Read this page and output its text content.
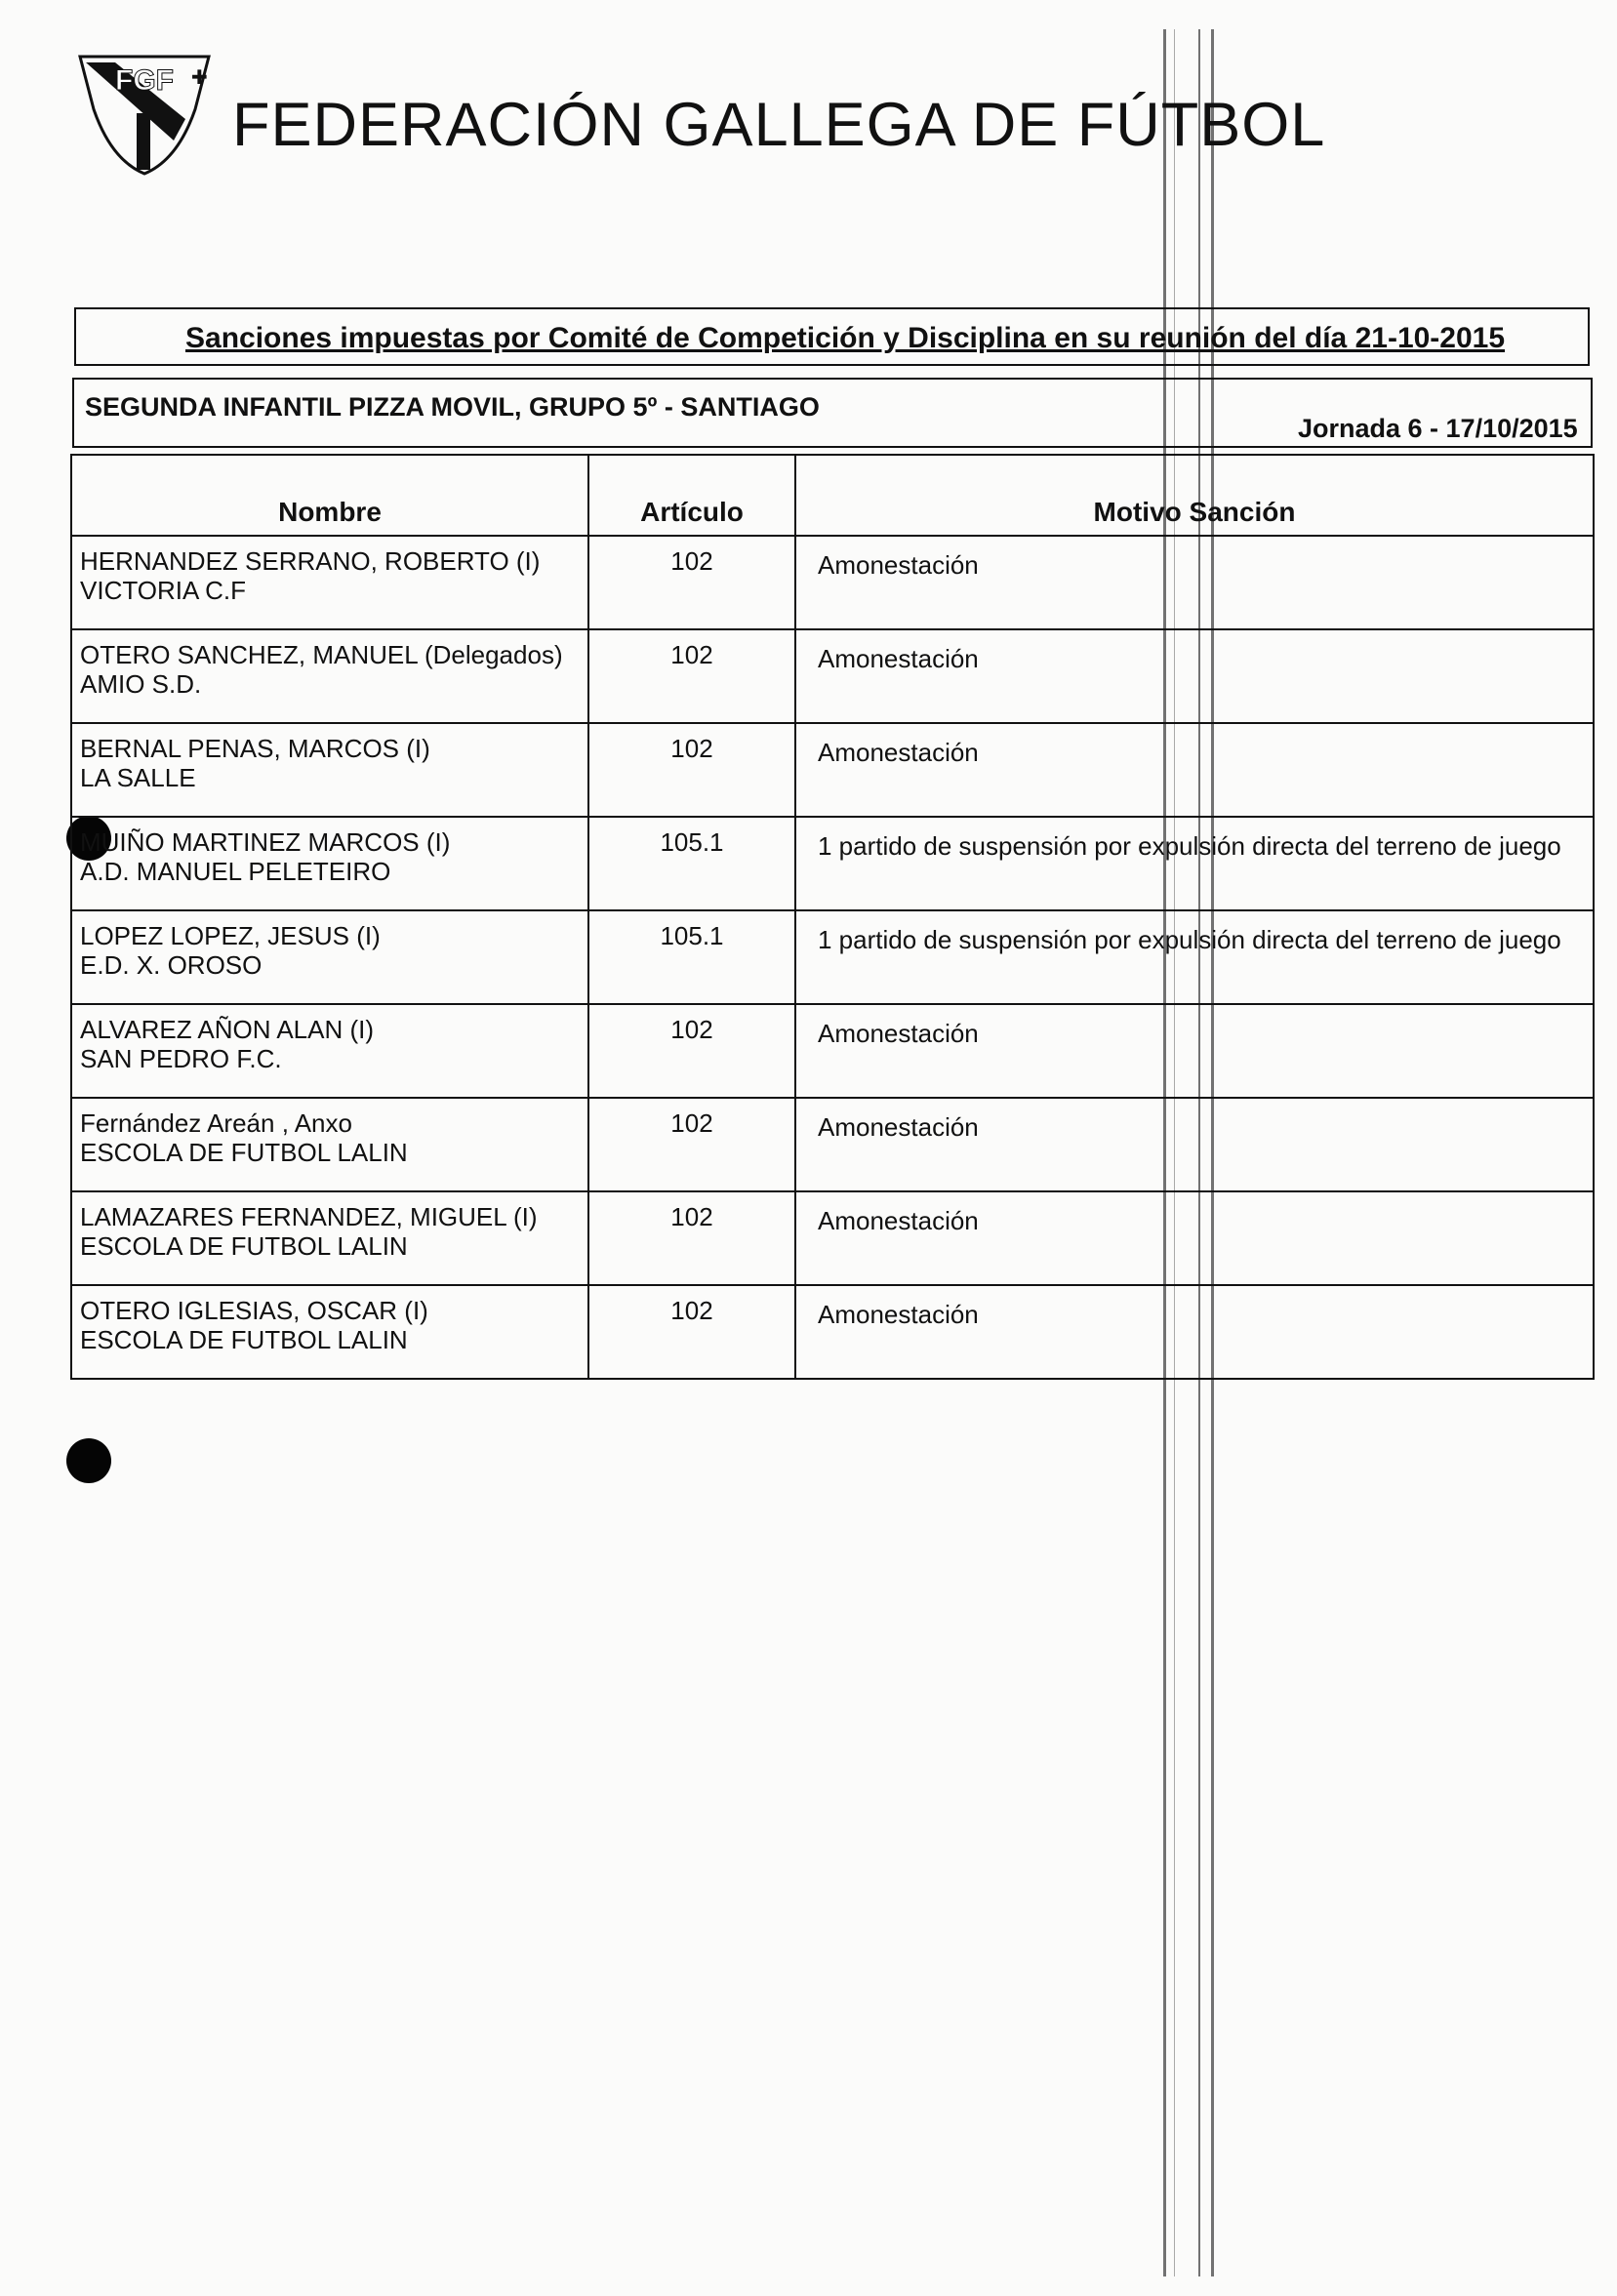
FGF ✚
FEDERACIÓN GALLEGA DE FÚTBOL
Sanciones impuestas por Comité de Competición y Disciplina en su reunión del día 21-10-2015
SEGUNDA INFANTIL PIZZA MOVIL, GRUPO 5º - SANTIAGO
Jornada 6 - 17/10/2015
Nombre	Artículo	Motivo Sanción

HERNANDEZ SERRANO, ROBERTO (I)
VICTORIA C.F	102	Amonestación

OTERO SANCHEZ, MANUEL (Delegados)
AMIO S.D.	102	Amonestación

BERNAL PENAS, MARCOS (I)
LA SALLE	102	Amonestación

MUIÑO MARTINEZ MARCOS (I)
A.D. MANUEL PELETEIRO	105.1	1 partido de suspensión por expulsión directa del terreno de juego

LOPEZ LOPEZ, JESUS (I)
E.D. X. OROSO	105.1	1 partido de suspensión por expulsión directa del terreno de juego

ALVAREZ AÑON ALAN (I)
SAN PEDRO F.C.	102	Amonestación

Fernández Areán , Anxo
ESCOLA DE FUTBOL LALIN	102	Amonestación

LAMAZARES FERNANDEZ, MIGUEL (I)
ESCOLA DE FUTBOL LALIN	102	Amonestación

OTERO IGLESIAS, OSCAR (I)
ESCOLA DE FUTBOL LALIN	102	Amonestación
